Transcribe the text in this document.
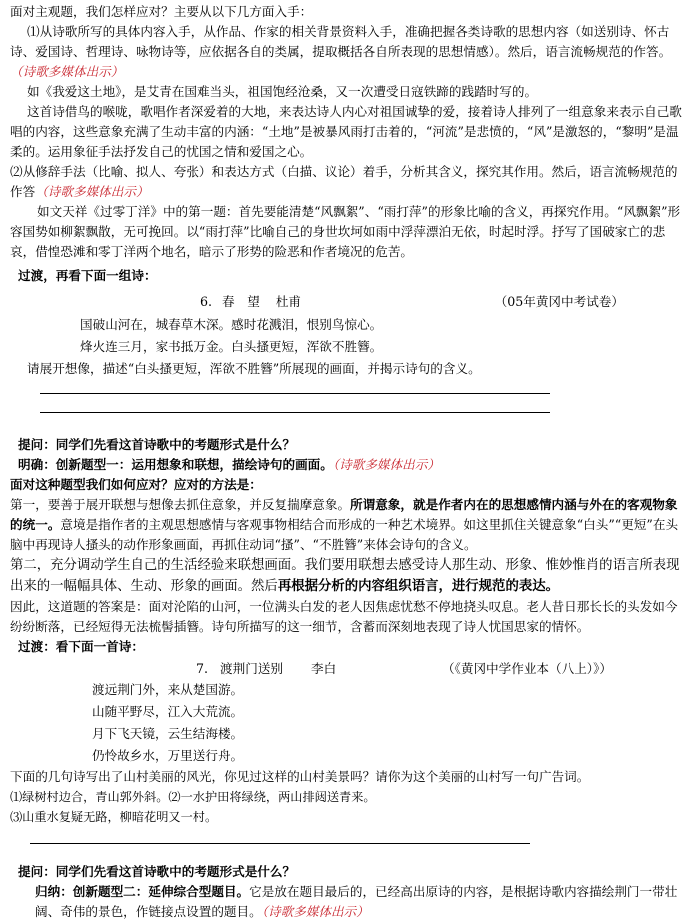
面对主观题，我们怎样应对？主要从以下几方面入手：

⑴从诗歌所写的具体内容入手，从作品、作家的相关背景资料入手，准确把握各类诗歌的思想内容（如送别诗、怀古诗、爱国诗、哲理诗、咏物诗等，应依据各自的类属，提取概括各自所表现的思想情感）。然后，语言流畅规范的作答。（诗歌多媒体出示）

如《我爱这土地》，是艾青在国难当头，祖国饱经沧桑，又一次遭受日寇铁蹄的践踏时写的。

这首诗借鸟的喉咙，歌唱作者深爱着的大地，来表达诗人内心对祖国诚挚的爱，接着诗人排列了一组意象来表示自己歌唱的内容，这些意象充满了生动丰富的内涵：“土地”是被暴风雨打击着的，“河流”是悲愤的，“风”是激怒的，“黎明”是温柔的。运用象征手法抒发自己的忧国之情和爱国之心。

⑵从修辞手法（比喻、拟人、夸张）和表达方式（白描、议论）着手，分析其含义，探究其作用。然后，语言流畅规范的作答（诗歌多媒体出示）

如文天祥《过零丁洋》中的第一题：首先要能清楚“风飘絮”、“雨打萍”的形象比喻的含义，再探究作用。“风飘絮”形容国势如柳絮飘散，无可挽回。以“雨打萍”比喻自己的身世坎坷如雨中浮萍漂泊无依，时起时浮。抒写了国破家亡的悲哀，借惶恐滩和零丁洋两个地名，暗示了形势的险恶和作者境况的危苦。

过渡，再看下面一组诗：

6. 春　望 杜甫	（05年黄冈中考试卷）

国破山河在，城春草木深。感时花溅泪，恨别鸟惊心。

烽火连三月，家书抵万金。白头搔更短，浑欲不胜簪。

请展开想像，描述“白头搔更短，浑欲不胜簪”所展现的画面，并揭示诗句的含义。

提问：同学们先看这首诗歌中的考题形式是什么？

明确：创新题型一：运用想象和联想，描绘诗句的画面。（诗歌多媒体出示）

面对这种题型我们如何应对？应对的方法是：

第一，要善于展开联想与想像去抓住意象，并反复揣摩意象。所谓意象，就是作者内在的思想感情内涵与外在的客观物象的统一。意境是指作者的主观思想感情与客观事物相结合而形成的一种艺术境界。如这里抓住关键意象“白头”“更短”在头脑中再现诗人搔头的动作形象画面，再抓住动词“搔”、“不胜簪”来体会诗句的含义。

第二，充分调动学生自己的生活经验来联想画面。我们要用联想去感受诗人那生动、形象、惟妙惟肖的语言所表现出来的一幅幅具体、生动、形象的画面。然后再根据分析的内容组织语言，进行规范的表达。

因此，这道题的答案是：面对沦陷的山河，一位满头白发的老人因焦虑忧愁不停地挠头叹息。老人昔日那长长的头发如今纷纷断落，已经短得无法梳髻插簪。诗句所描写的这一细节，含蓄而深刻地表现了诗人忧国思家的情怀。

过渡：看下面一首诗：

7. 渡荆门送别 李白	（《黄冈中学作业本（八上）》）

渡远荆门外，来从楚国游。

山随平野尽，江入大荒流。

月下飞天镜，云生结海楼。

仍怜故乡水，万里送行舟。

下面的几句诗写出了山村美丽的风光，你见过这样的山村美景吗？请你为这个美丽的山村写一句广告词。

⑴绿树村边合，青山郭外斜。⑵一水护田将绿绕，两山排闼送青来。

⑶山重水复疑无路，柳暗花明又一村。

提问：同学们先看这首诗歌中的考题形式是什么？

归纳：创新题型二：延伸综合型题目。它是放在题目最后的，已经高出原诗的内容，是根据诗歌内容描绘荆门一带壮阔、奇伟的景色，作链接点设置的题目。（诗歌多媒体出示）
